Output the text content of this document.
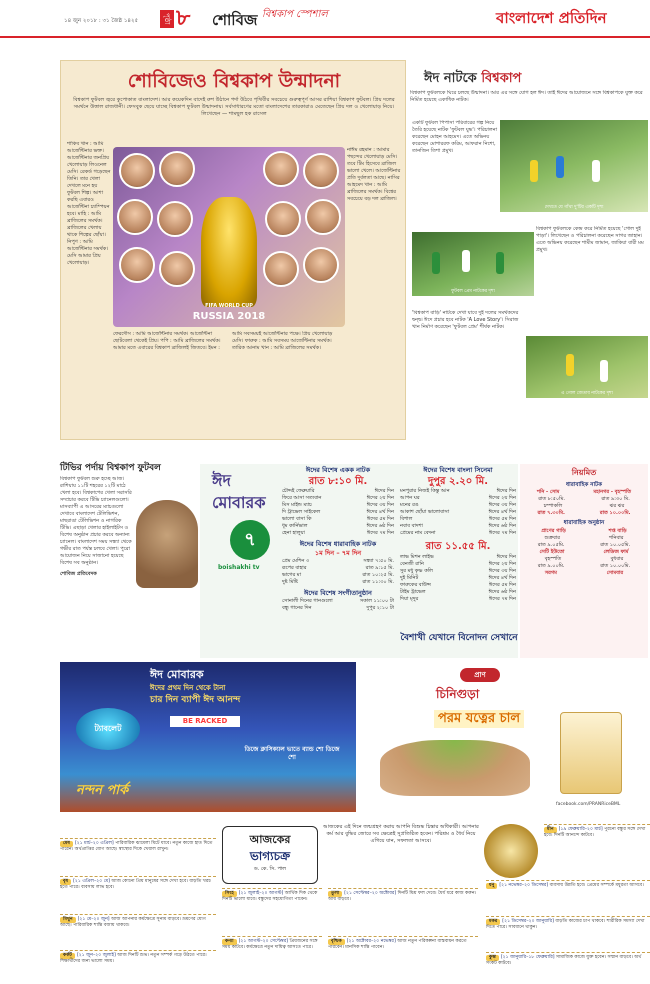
১৪ জুন ২০১৮ : ৩১ জৈষ্ঠ ১৪২৫	পৃষ্ঠা ৮ শোবিজ বিশ্বকাপ স্পেশাল	বাংলাদেশ প্রতিদিন
শোবিজেও বিশ্বকাপ উন্মাদনা
বিশ্বকাপ ফুটবল জ্বরে কুপোকাত বাংলাদেশ। আর কয়েকদিন বাদেই রুশ উঠানে পর্দা উঠবে পৃথিবীর সবচেয়ে গুরুত্বপূর্ণ আসর রাশিয়া বিশ্বকাপ ফুটবল। প্রিয় দলের সমর্থনে উত্তাল রাজধানী। ফেসবুক ছেয়ে যাচ্ছে বিশ্বকাপ ফুটবল উন্মাদনায়। সর্বসাধারণের মতো বাংলাদেশের তারকারাও মেতেছেন প্রিয় দল ও খেলোয়াড় নিয়ে। লিখেছেন — শামছুল হক রাসেল
শাকিব খান : আমি আর্জেন্টিনার ভক্ত। আর্জেন্টিনার জনপ্রিয় খেলোয়াড় লিওনেল মেসি। রেকর্ড গড়েছেন তিনি। তার খেলা দেখলে মনে হয় ফুটবল শিল্প। আশা করছি এবারও আর্জেন্টিনা চ্যাম্পিয়ন হবে। মাহি : আমি ব্রাজিলের সমর্থক। ব্রাজিলের খেলায় থাকে শিল্পের ছোঁয়া। নিপুণ : আমি আর্জেন্টিনার সমর্থক। মেসি আমার প্রিয় খেলোয়াড়।
FIFA WORLD CUP
RUSSIA 2018
নাঈম রহমান : আমার পছন্দের খেলোয়াড় মেসি। তবে টিম হিসেবে ব্রাজিল ভালো খেলে। আর্জেন্টিনার প্রতি দুর্বলতা আছে। নাসির আহমেদ খান : আমি ব্রাজিলের সমর্থক। বিশ্বের সবচেয়ে বড় দল ব্রাজিল।
ফেরদৌস : আমি আর্জেন্টিনার সমর্থক। আর্জেন্টিনা ছোটবেলা থেকেই প্রিয়। পপি : আমি ব্রাজিলের সমর্থক। আমার মতে এবারের বিশ্বকাপ ব্রাজিলই জিতবে। ইমন : আমি সবসময়ই আর্জেন্টিনার পক্ষে। প্রিয় খেলোয়াড় মেসি। ফারুক : আমি সবসময় আর্জেন্টিনার সমর্থক। তারিক আনাম খান : আমি ব্রাজিলের সমর্থক।
ঈদ নাটকে বিশ্বকাপ
বিশ্বকাপ ফুটবলকে ঘিরে চলছে উন্মাদনা। আর এর সঙ্গে যোগ হল ঈদ। তাই ঈদের আয়োজনে সঙ্গে বিশ্বকাপকে যুক্ত করে নির্মিত হয়েছে একাধিক নাটক।
একটি ফুটবল পিপাসা পরিবারের গল্প নিয়ে তৈরি হয়েছে নাটক 'ফুটবল যুদ্ধ'। পরিচালনা করেছেন মোহন আহমেদ। এতে অভিনয় করেছেন মোশাররফ করিম, আফরান নিশো, তানজিন তিশা প্রমুখ।
দেখতে যে গাঁথা দু'টির একটি দৃশ্য
ফুটবল প্রেম নাটকের দৃশ্য
বিশ্বকাপ ফুটবলকে কেন্দ্র করে নির্মিত হয়েছে 'গোল দুই পাড়া'। লিখেছেন ও পরিচালনা করেছেন সাগর জাহান। এতে অভিনয় করেছেন শামীম জামান, জাকিয়া বারী মম প্রমুখ।
'বিশ্বকাপ বাড়ি' নাটকে দেখা যাবে দুই দলের সমর্থকদের দ্বন্দ্ব। ঈদে প্রচার হবে নাটক 'A Love Story'। সিরাজ খান নির্মাণ করেছেন 'ফুটবল প্রেম' শীর্ষক নাটক।
এ গোল জেতাব নাটকের দৃশ্য
টিভির পর্দায় বিশ্বকাপ ফুটবল
বিশ্বকাপ ফুটবল শুরু হচ্ছে আজ। রাশিয়ায় ১১টি শহরের ১২টি মাঠে খেলা হবে। বিশ্বকাপের খেলা সরাসরি সম্প্রচার করবে টিভি চ্যানেলগুলো। মাসব্যাপী এ আসরের ম্যাচগুলো দেখাবে বাংলাদেশ টেলিভিশন, মাছরাঙা টেলিভিশন ও নাগরিক টিভি। এছাড়া খেলার হাইলাইটস ও বিশেষ অনুষ্ঠান প্রচার করবে অন্যান্য চ্যানেল। বাংলাদেশ সময় সন্ধ্যা থেকে গভীর রাত পর্যন্ত চলবে খেলা। পুরো আয়োজন নিয়ে সাজানো হয়েছে বিশেষ সব অনুষ্ঠান।
শোবিজ প্রতিবেদক
ঈদ মোবারক
৭
boishakhi tv
ঈদের বিশেষ একক নাটক
রাত ৮:১০ মি.
চৌদ্দই ফেব্রুয়ারি	ঈদের দিন
ফিরে আসা সত্যবান	ঈদের ২য় দিন
মিস মাইন্ড ম্যাচ	ঈদের ৩য় দিন
দি ট্রাভেল সাইকেল	ঈদের ৪র্থ দিন
ভালো বাসা কি	ঈদের ৫ম দিন
ধূম কার্নিভাল	ঈদের ৬ষ্ঠ দিন
হেনা হালুয়া	ঈদের ৭ম দিন
ঈদের বিশেষ ধারাবাহিক নাটক
১ম দিন – ৭ম দিন
প্রেম মেশিন ৩	সন্ধ্যা ৭:৫০ মি.
রূপের বাহার	রাত ৯:১৫ মি.
ভাগের মা	রাত ১০:২৫ মি.
দুষ্ট মিষ্টি	রাত ১১:৩০ মি.
ঈদের বিশেষ সংগীতানুষ্ঠান
সোনালী দিনের গানগুলো	সকাল ১১:০০ টা
বন্ধু গানের দিন	দুপুর ২:১০ টা
ঈদের বিশেষ বাংলা সিনেমা
দুপুর ২.২০ মি.
মনপুরার নিজই কিন্তু আন	ঈদের দিন
আপন ঘর	ঈদের ২য় দিন
মনের রঙ	ঈদের ৩য় দিন
আকাশ ছোঁয়া ভালোবাসা	ঈদের ৪র্থ দিন
বিশাল	ঈদের ৫ম দিন
নবাব বাদশা	ঈদের ৬ষ্ঠ দিন
প্রেমের নাম বেদনা	ঈদের ৭ম দিন
রাত ১১.৫৫ মি.
লাভ মিশন লাইভ	ঈদের দিন
বেনজী রানি	ঈদের ২য় দিন
সুর মধু কৃষ্ণ কলি	ঈদের ৩য় দিন
দুই মিনিট	ঈদের ৪র্থ দিন
ফারুকের বাউন্স	ঈদের ৫ম দিন
টাইম ট্রাভেল	ঈদের ৬ষ্ঠ দিন
দিয়া মৃদুর	ঈদের ৭ম দিন
বৈশাখী যেখানে বিনোদন সেখানে
নিয়মিত
ধারাবাহিক নাটক
শনি - সোম	মহানগর - বৃহস্পতি
রাত ৮:৫০মি.	রাত ৯:৩০ মি.
চম্পাকলি	ঝর ঝর
রাত ৭.৩০মি.	রাত ১০.০০মি.
ধারাবাহিক অনুষ্ঠান
প্রাণের গাড়ি	শপ্ত বাড়ি
শুক্রবার	শনিবার
রাত ৯.০৫মি.	রাত ১০.০৫মি.
সেটি ইউতো	লেডিজ ফার্ম
বৃহস্পতি	বুধবার
রাত ৯.০০মি.	রাত ১০.০০মি.
সরগম	সোমবার
ঈদ মোবারক
ঈদের প্রথম দিন থেকে টানা
চার দিন ব্যাপী ঈদ আনন্দ
ট্যাবলেট
BE RACKED
ডিজে ক্লাসিক্যাল ভাতে ব্যান্ড শো ডিজে শো
নন্দন পার্ক
প্রাণ
চিনিগুড়া
পরম যত্নের চাল
facebook.com/PRANRiceBML
আজকের
ভাগ্যচক্র
ড. কে. সি. পাল
আজকের এই দিনে জন্মগ্রহণ করায় আপনি বিশুদ্ধ চিন্তার অধিকারী। আপনার কর্ম আর বুদ্ধির জোরে সব ক্ষেত্রেই সুপ্রতিষ্ঠিত হবেন। পরিশ্রম ও ধৈর্য নিয়ে এগিয়ে যান, সফলতা আসবে।
মেষ [২১ মার্চ–২০ এপ্রিল] পারিবারিক ঝামেলা মিটে যাবে। নতুন কাজে হাত দিতে পারেন। অর্থপ্রাপ্তির যোগ আছে। স্বাস্থ্যের দিকে খেয়াল রাখুন।
বৃষ [২১ এপ্রিল–২০ মে] আজ কোনো প্রিয় মানুষের সঙ্গে দেখা হবে। বাড়তি খরচ হতে পারে। ব্যবসায় লাভ হবে।
মিথুন [২১ মে–২০ জুন] আজ আপনার কর্মক্ষেত্রে সুনাম বাড়বে। ভ্রমণের যোগ আছে। পারিবারিক শান্তি বজায় থাকবে।
কর্কট [২১ জুন–২০ জুলাই] আজ দিনটি শুভ। নতুন সম্পর্ক গড়ে উঠতে পারে। শিক্ষার্থীদের জন্য ভালো সময়।
সিংহ [২১ জুলাই–২০ আগস্ট] আর্থিক দিক থেকে দিনটি ভালো যাবে। বন্ধুদের সহযোগিতা পাবেন।
কন্যা [২১ আগস্ট–২০ সেপ্টেম্বর] প্রিয়জনের সঙ্গে সময় কাটবে। কর্মক্ষেত্রে নতুন দায়িত্ব আসতে পারে।
তুলা [২১ সেপ্টেম্বর–২০ অক্টোবর] দিনটি মিশ্র ফল দেবে। ধৈর্য ধরে কাজ করুন। আয় বাড়বে।
বৃশ্চিক [২১ অক্টোবর–২০ নভেম্বর] আজ নতুন পরিকল্পনা বাস্তবায়ন করতে পারবেন। মানসিক শান্তি পাবেন।
ধনু [২১ নভেম্বর–২০ ডিসেম্বর] ব্যবসায় উন্নতি হবে। প্রেমের সম্পর্কে মধুরতা আসবে।
মকর [২১ ডিসেম্বর–২০ জানুয়ারি] বাড়তি কাজের চাপ থাকবে। শারীরিক সমস্যা দেখা দিতে পারে। সাবধানে থাকুন।
কুম্ভ [২১ জানুয়ারি–১৮ ফেব্রুয়ারি] সামাজিক কাজে যুক্ত হবেন। সম্মান বাড়বে। অর্থ সংকট কাটবে।
মীন [১৯ ফেব্রুয়ারি–২০ মার্চ] পুরনো বন্ধুর সঙ্গে দেখা হবে। দিনটি আনন্দে কাটবে।
